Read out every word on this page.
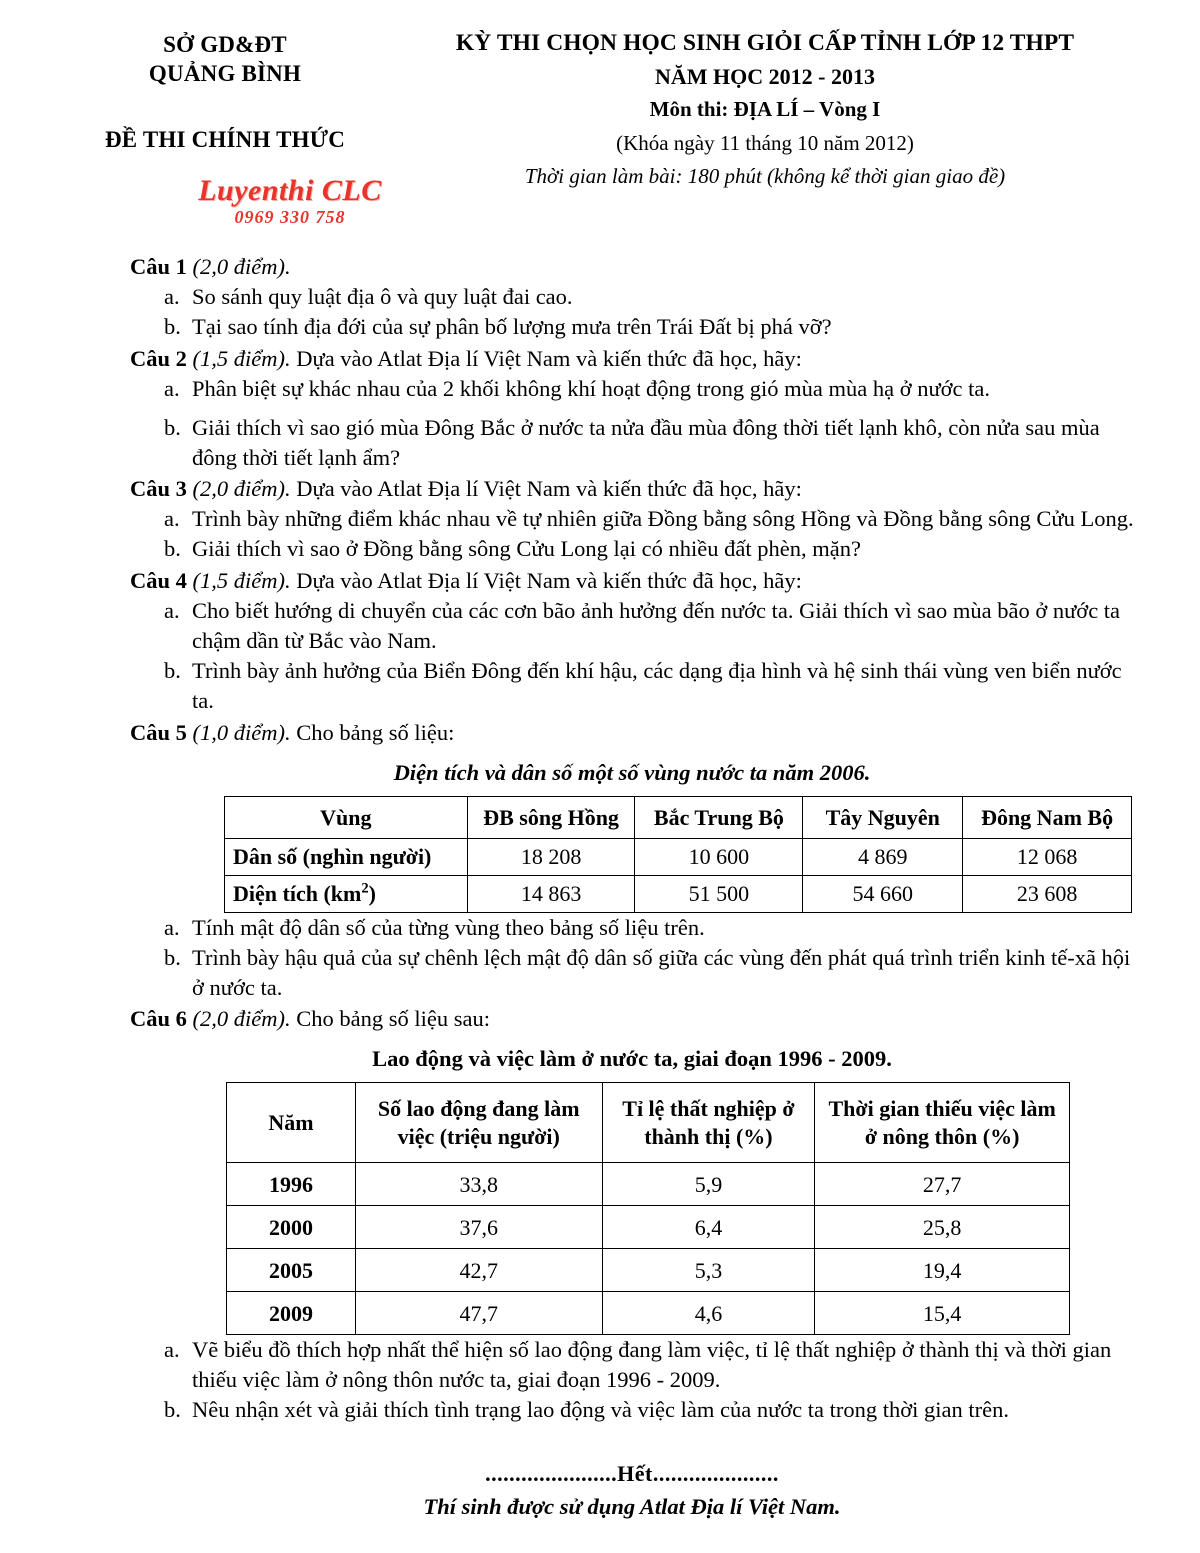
SỞ GD&ĐT
QUẢNG BÌNH
ĐỀ THI CHÍNH THỨC
KỲ THI CHỌN HỌC SINH GIỎI CẤP TỈNH LỚP 12 THPT
NĂM HỌC 2012 - 2013
Môn thi: ĐỊA LÍ – Vòng I
(Khóa ngày 11 tháng 10 năm 2012)
Thời gian làm bài: 180 phút (không kể thời gian giao đề)
Luyenthi CLC
0969 330 758
Câu 1 (2,0 điểm).
a. So sánh quy luật địa ô và quy luật đai cao.
b. Tại sao tính địa đới của sự phân bố lượng mưa trên Trái Đất bị phá vỡ?
Câu 2 (1,5 điểm). Dựa vào Atlat Địa lí Việt Nam và kiến thức đã học, hãy:
a. Phân biệt sự khác nhau của 2 khối không khí hoạt động trong gió mùa mùa hạ ở nước ta.
b. Giải thích vì sao gió mùa Đông Bắc ở nước ta nửa đầu mùa đông thời tiết lạnh khô, còn nửa sau mùa đông thời tiết lạnh ẩm?
Câu 3 (2,0 điểm). Dựa vào Atlat Địa lí Việt Nam và kiến thức đã học, hãy:
a. Trình bày những điểm khác nhau về tự nhiên giữa Đồng bằng sông Hồng và Đồng bằng sông Cửu Long.
b. Giải thích vì sao ở Đồng bằng sông Cửu Long lại có nhiều đất phèn, mặn?
Câu 4 (1,5 điểm). Dựa vào Atlat Địa lí Việt Nam và kiến thức đã học, hãy:
a. Cho biết hướng di chuyển của các cơn bão ảnh hưởng đến nước ta. Giải thích vì sao mùa bão ở nước ta chậm dần từ Bắc vào Nam.
b. Trình bày ảnh hưởng của Biển Đông đến khí hậu, các dạng địa hình và hệ sinh thái vùng ven biển nước ta.
Câu 5 (1,0 điểm). Cho bảng số liệu:
Diện tích và dân số một số vùng nước ta năm 2006.
Vùng	ĐB sông Hồng	Bắc Trung Bộ	Tây Nguyên	Đông Nam Bộ
Dân số (nghìn người)	18 208	10 600	4 869	12 068
Diện tích $(km^2)$	14 863	51 500	54 660	23 608
a. Tính mật độ dân số của từng vùng theo bảng số liệu trên.
b. Trình bày hậu quả của sự chênh lệch mật độ dân số giữa các vùng đến phát quá trình triển kinh tế-xã hội ở nước ta.
Câu 6 (2,0 điểm). Cho bảng số liệu sau:
Lao động và việc làm ở nước ta, giai đoạn 1996 - 2009.
Năm	Số lao động đang làm việc (triệu người)	Tỉ lệ thất nghiệp ở thành thị (%)	Thời gian thiếu việc làm ở nông thôn (%)
1996	33,8	5,9	27,7
2000	37,6	6,4	25,8
2005	42,7	5,3	19,4
2009	47,7	4,6	15,4
a. Vẽ biểu đồ thích hợp nhất thể hiện số lao động đang làm việc, tỉ lệ thất nghiệp ở thành thị và thời gian thiếu việc làm ở nông thôn nước ta, giai đoạn 1996 - 2009.
b. Nêu nhận xét và giải thích tình trạng lao động và việc làm của nước ta trong thời gian trên.
......................Hết.....................
Thí sinh được sử dụng Atlat Địa lí Việt Nam.
